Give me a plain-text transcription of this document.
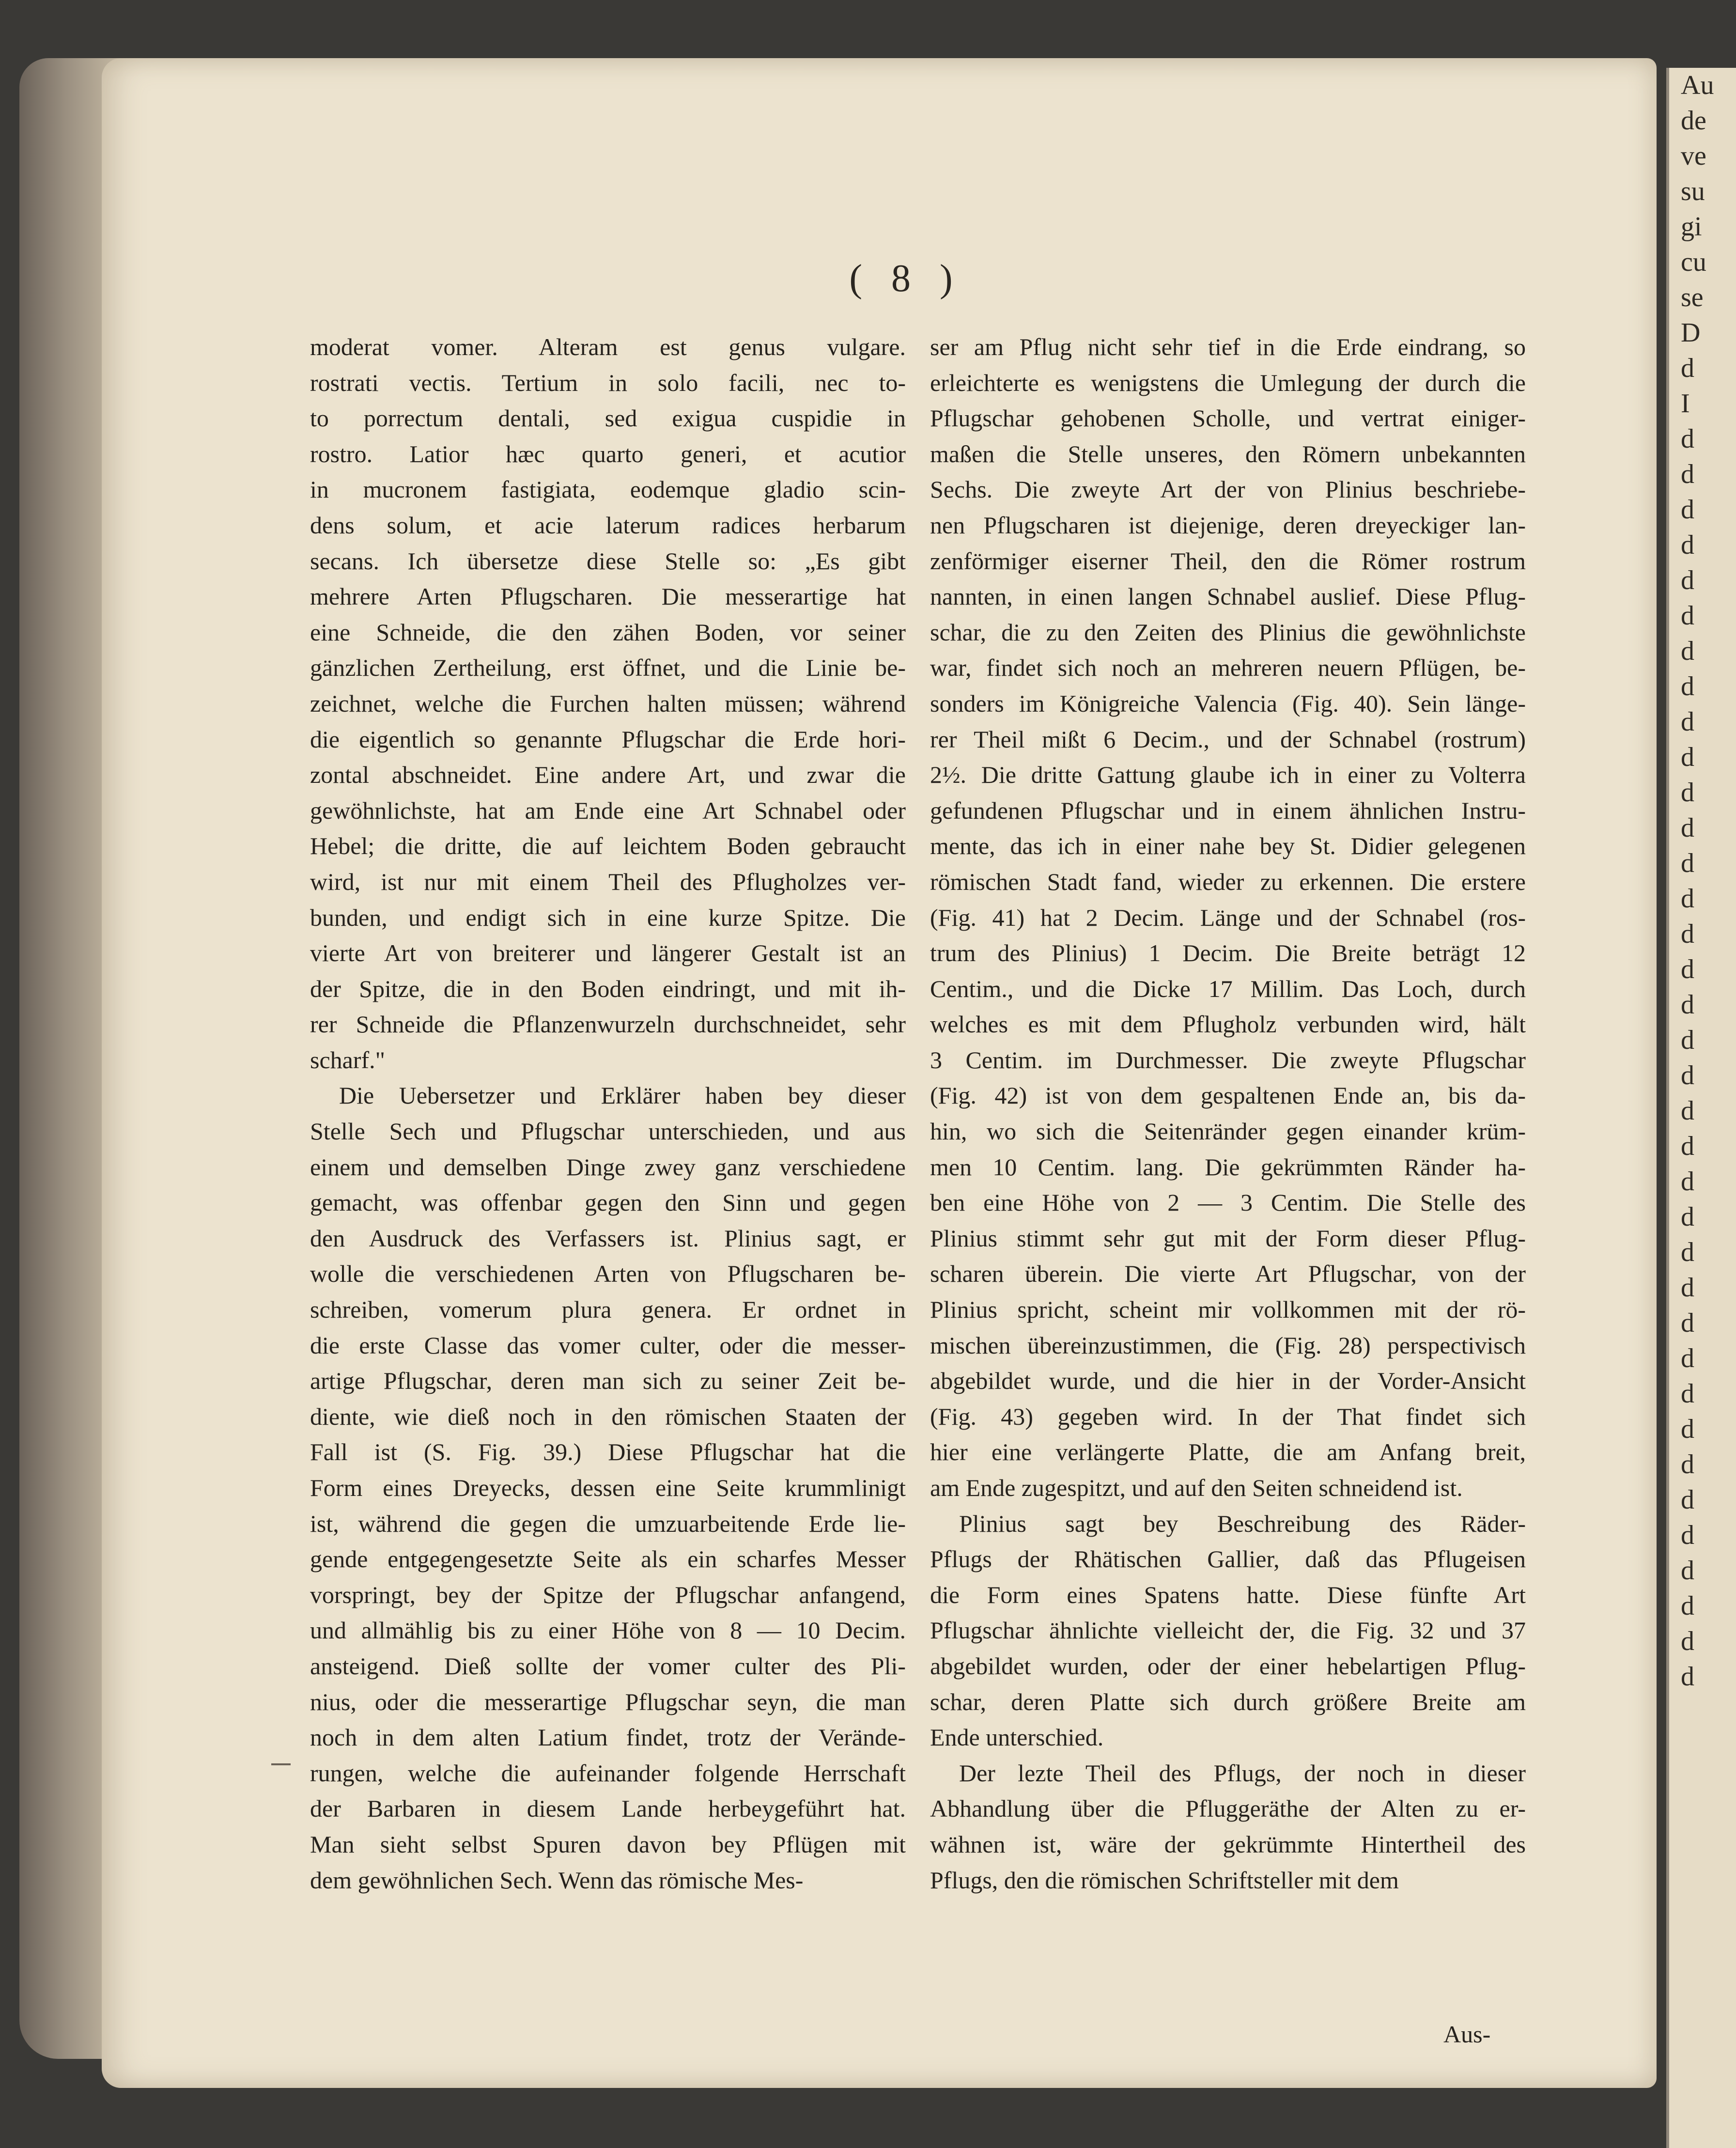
Au
de
ve
su
gi
cu
se
D
d
I
d
d
d
d
d
d
d
d
d
d
d
d
d
d
d
d
d
d
d
d
d
d
d
d
d
d
d
d
d
d
d
d
d
d
d
d
( 8 )
moderat vomer. Alteram est genus vulgare.
rostrati vectis. Tertium in solo facili, nec to-
to porrectum dentali, sed exigua cuspidie in
rostro. Latior hæc quarto generi, et acutior
in mucronem fastigiata, eodemque gladio scin-
dens solum, et acie laterum radices herbarum
secans. Ich übersetze diese Stelle so: „Es gibt
mehrere Arten Pflugscharen. Die messerartige hat
eine Schneide, die den zähen Boden, vor seiner
gänzlichen Zertheilung, erst öffnet, und die Linie be-
zeichnet, welche die Furchen halten müssen; während
die eigentlich so genannte Pflugschar die Erde hori-
zontal abschneidet. Eine andere Art, und zwar die
gewöhnlichste, hat am Ende eine Art Schnabel oder
Hebel; die dritte, die auf leichtem Boden gebraucht
wird, ist nur mit einem Theil des Pflugholzes ver-
bunden, und endigt sich in eine kurze Spitze. Die
vierte Art von breiterer und längerer Gestalt ist an
der Spitze, die in den Boden eindringt, und mit ih-
rer Schneide die Pflanzenwurzeln durchschneidet, sehr
scharf."
Die Uebersetzer und Erklärer haben bey dieser
Stelle Sech und Pflugschar unterschieden, und aus
einem und demselben Dinge zwey ganz verschiedene
gemacht, was offenbar gegen den Sinn und gegen
den Ausdruck des Verfassers ist. Plinius sagt, er
wolle die verschiedenen Arten von Pflugscharen be-
schreiben, vomerum plura genera. Er ordnet in
die erste Classe das vomer culter, oder die messer-
artige Pflugschar, deren man sich zu seiner Zeit be-
diente, wie dieß noch in den römischen Staaten der
Fall ist (S. Fig. 39.) Diese Pflugschar hat die
Form eines Dreyecks, dessen eine Seite krummlinigt
ist, während die gegen die umzuarbeitende Erde lie-
gende entgegengesetzte Seite als ein scharfes Messer
vorspringt, bey der Spitze der Pflugschar anfangend,
und allmählig bis zu einer Höhe von 8 — 10 Decim.
ansteigend. Dieß sollte der vomer culter des Pli-
nius, oder die messerartige Pflugschar seyn, die man
noch in dem alten Latium findet, trotz der Verände-
rungen, welche die aufeinander folgende Herrschaft
der Barbaren in diesem Lande herbeygeführt hat.
Man sieht selbst Spuren davon bey Pflügen mit
dem gewöhnlichen Sech. Wenn das römische Mes-
ser am Pflug nicht sehr tief in die Erde eindrang, so
erleichterte es wenigstens die Umlegung der durch die
Pflugschar gehobenen Scholle, und vertrat einiger-
maßen die Stelle unseres, den Römern unbekannten
Sechs. Die zweyte Art der von Plinius beschriebe-
nen Pflugscharen ist diejenige, deren dreyeckiger lan-
zenförmiger eiserner Theil, den die Römer rostrum
nannten, in einen langen Schnabel auslief. Diese Pflug-
schar, die zu den Zeiten des Plinius die gewöhnlichste
war, findet sich noch an mehreren neuern Pflügen, be-
sonders im Königreiche Valencia (Fig. 40). Sein länge-
rer Theil mißt 6 Decim., und der Schnabel (rostrum)
2½. Die dritte Gattung glaube ich in einer zu Volterra
gefundenen Pflugschar und in einem ähnlichen Instru-
mente, das ich in einer nahe bey St. Didier gelegenen
römischen Stadt fand, wieder zu erkennen. Die erstere
(Fig. 41) hat 2 Decim. Länge und der Schnabel (ros-
trum des Plinius) 1 Decim. Die Breite beträgt 12
Centim., und die Dicke 17 Millim. Das Loch, durch
welches es mit dem Pflugholz verbunden wird, hält
3 Centim. im Durchmesser. Die zweyte Pflugschar
(Fig. 42) ist von dem gespaltenen Ende an, bis da-
hin, wo sich die Seitenränder gegen einander krüm-
men 10 Centim. lang. Die gekrümmten Ränder ha-
ben eine Höhe von 2 — 3 Centim. Die Stelle des
Plinius stimmt sehr gut mit der Form dieser Pflug-
scharen überein. Die vierte Art Pflugschar, von der
Plinius spricht, scheint mir vollkommen mit der rö-
mischen übereinzustimmen, die (Fig. 28) perspectivisch
abgebildet wurde, und die hier in der Vorder-Ansicht
(Fig. 43) gegeben wird. In der That findet sich
hier eine verlängerte Platte, die am Anfang breit,
am Ende zugespitzt, und auf den Seiten schneidend ist.
Plinius sagt bey Beschreibung des Räder-
Pflugs der Rhätischen Gallier, daß das Pflugeisen
die Form eines Spatens hatte. Diese fünfte Art
Pflugschar ähnlichte vielleicht der, die Fig. 32 und 37
abgebildet wurden, oder der einer hebelartigen Pflug-
schar, deren Platte sich durch größere Breite am
Ende unterschied.
Der lezte Theil des Pflugs, der noch in dieser
Abhandlung über die Pfluggeräthe der Alten zu er-
wähnen ist, wäre der gekrümmte Hintertheil des
Pflugs, den die römischen Schriftsteller mit dem
Aus-
